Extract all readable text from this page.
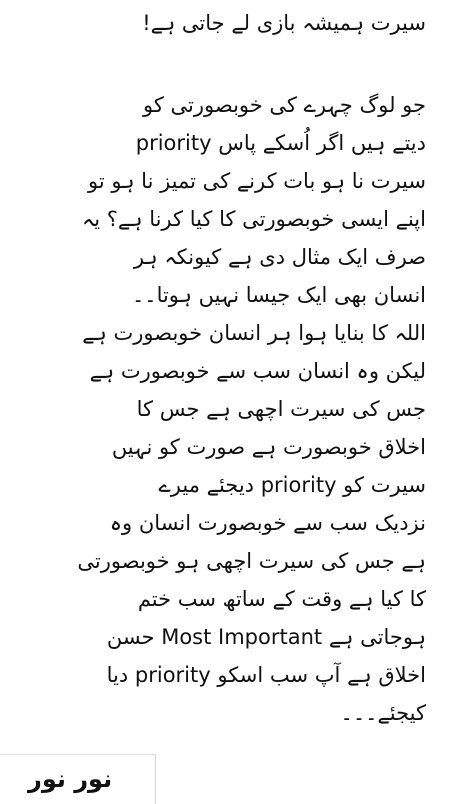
سیرت ہمیشہ بازی لے جاتی ہے!
جو لوگ چہرے کی خوبصورتی کو
priority دیتے ہیں اگر اُسکے پاس
سیرت نا ہو بات کرنے کی تمیز نا ہو تو
اپنے ایسی خوبصورتی کا کیا کرنا ہے؟ یہ
صرف ایک مثال دی ہے کیونکہ ہر
انسان بھی ایک جیسا نہیں ہوتا۔۔
اللہ کا بنایا ہوا ہر انسان خوبصورت ہے
لیکن وہ انسان سب سے خوبصورت ہے
جس کی سیرت اچھی ہے جس کا
اخلاق خوبصورت ہے صورت کو نہیں
سیرت کو priority دیجئے میرے
نزدیک سب سے خوبصورت انسان وہ
ہے جس کی سیرت اچھی ہو خوبصورتی
کا کیا ہے وقت کے ساتھ سب ختم
ہوجاتی ہے Most Important حسن
اخلاق ہے آپ سب اسکو priority دیا
کیجئے۔۔۔
نور نور
